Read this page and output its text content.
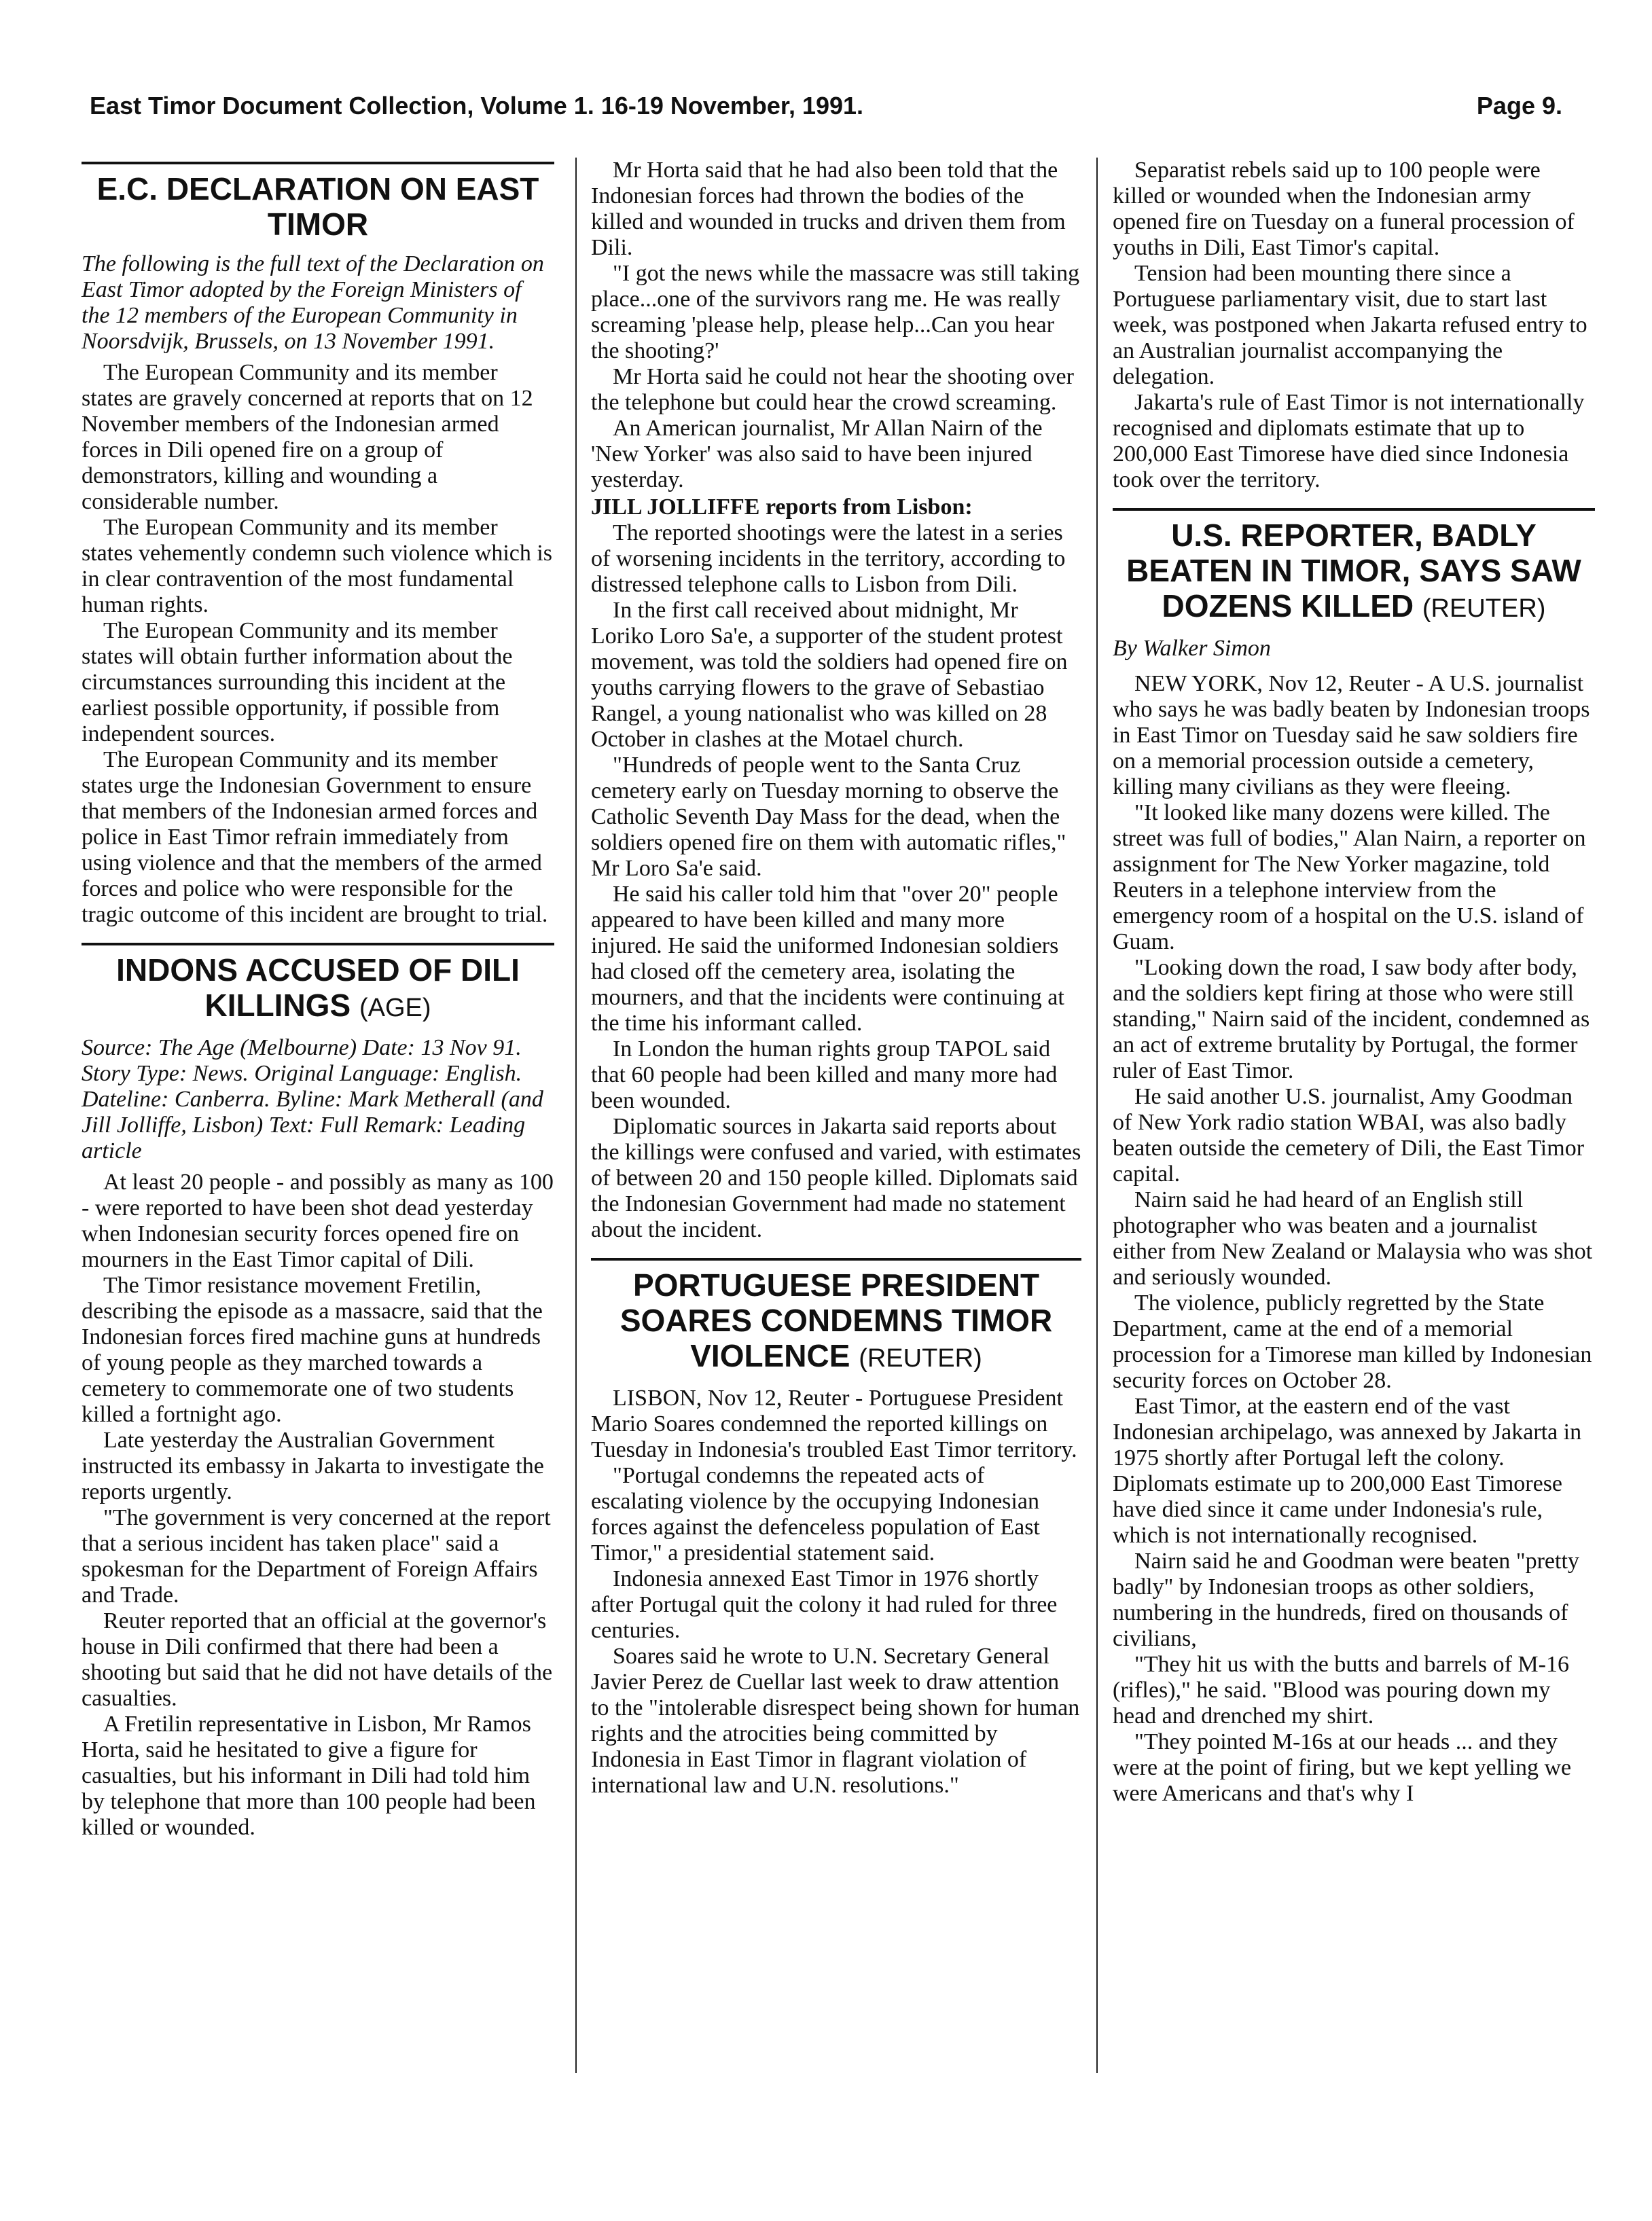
East Timor Document Collection, Volume 1. 16-19 November, 1991.	Page 9.
E.C. DECLARATION ON EAST TIMOR
The following is the full text of the Declaration on East Timor adopted by the Foreign Ministers of the 12 members of the European Community in Noorsdvijk, Brussels, on 13 November 1991.

The European Community and its member states are gravely concerned at reports that on 12 November members of the Indonesian armed forces in Dili opened fire on a group of demonstrators, killing and wounding a considerable number.

The European Community and its member states vehemently condemn such violence which is in clear contravention of the most fundamental human rights.

The European Community and its member states will obtain further information about the circumstances surrounding this incident at the earliest possible opportunity, if possible from independent sources.

The European Community and its member states urge the Indonesian Government to ensure that members of the Indonesian armed forces and police in East Timor refrain immediately from using violence and that the members of the armed forces and police who were responsible for the tragic outcome of this incident are brought to trial.

INDONS ACCUSED OF DILI KILLINGS (AGE)
Source: The Age (Melbourne) Date: 13 Nov 91. Story Type: News. Original Language: English. Dateline: Canberra. Byline: Mark Metherall (and Jill Jolliffe, Lisbon) Text: Full Remark: Leading article

At least 20 people - and possibly as many as 100 - were reported to have been shot dead yesterday when Indonesian security forces opened fire on mourners in the East Timor capital of Dili.

The Timor resistance movement Fretilin, describing the episode as a massacre, said that the Indonesian forces fired machine guns at hundreds of young people as they marched towards a cemetery to commemorate one of two students killed a fortnight ago.

Late yesterday the Australian Government instructed its embassy in Jakarta to investigate the reports urgently.

"The government is very concerned at the report that a serious incident has taken place" said a spokesman for the Department of Foreign Affairs and Trade.

Reuter reported that an official at the governor's house in Dili confirmed that there had been a shooting but said that he did not have details of the casualties.

A Fretilin representative in Lisbon, Mr Ramos Horta, said he hesitated to give a figure for casualties, but his informant in Dili had told him by telephone that more than 100 people had been killed or wounded.

Mr Horta said that he had also been told that the Indonesian forces had thrown the bodies of the killed and wounded in trucks and driven them from Dili.

"I got the news while the massacre was still taking place...one of the survivors rang me. He was really screaming 'please help, please help...Can you hear the shooting?'

Mr Horta said he could not hear the shooting over the telephone but could hear the crowd screaming.

An American journalist, Mr Allan Nairn of the 'New Yorker' was also said to have been injured yesterday.

JILL JOLLIFFE reports from Lisbon:

The reported shootings were the latest in a series of worsening incidents in the territory, according to distressed telephone calls to Lisbon from Dili.

In the first call received about midnight, Mr Loriko Loro Sa'e, a supporter of the student protest movement, was told the soldiers had opened fire on youths carrying flowers to the grave of Sebastiao Rangel, a young nationalist who was killed on 28 October in clashes at the Motael church.

"Hundreds of people went to the Santa Cruz cemetery early on Tuesday morning to observe the Catholic Seventh Day Mass for the dead, when the soldiers opened fire on them with automatic rifles," Mr Loro Sa'e said.

He said his caller told him that "over 20" people appeared to have been killed and many more injured. He said the uniformed Indonesian soldiers had closed off the cemetery area, isolating the mourners, and that the incidents were continuing at the time his informant called.

In London the human rights group TAPOL said that 60 people had been killed and many more had been wounded.

Diplomatic sources in Jakarta said reports about the killings were confused and varied, with estimates of between 20 and 150 people killed. Diplomats said the Indonesian Government had made no statement about the incident.

PORTUGUESE PRESIDENT SOARES CONDEMNS TIMOR VIOLENCE (REUTER)

LISBON, Nov 12, Reuter - Portuguese President Mario Soares condemned the reported killings on Tuesday in Indonesia's troubled East Timor territory.

"Portugal condemns the repeated acts of escalating violence by the occupying Indonesian forces against the defenceless population of East Timor," a presidential statement said.

Indonesia annexed East Timor in 1976 shortly after Portugal quit the colony it had ruled for three centuries.

Soares said he wrote to U.N. Secretary General Javier Perez de Cuellar last week to draw attention to the "intolerable disrespect being shown for human rights and the atrocities being committed by Indonesia in East Timor in flagrant violation of international law and U.N. resolutions."

Separatist rebels said up to 100 people were killed or wounded when the Indonesian army opened fire on Tuesday on a funeral procession of youths in Dili, East Timor's capital.

Tension had been mounting there since a Portuguese parliamentary visit, due to start last week, was postponed when Jakarta refused entry to an Australian journalist accompanying the delegation.

Jakarta's rule of East Timor is not internationally recognised and diplomats estimate that up to 200,000 East Timorese have died since Indonesia took over the territory.

U.S. REPORTER, BADLY BEATEN IN TIMOR, SAYS SAW DOZENS KILLED (REUTER)
By Walker Simon

NEW YORK, Nov 12, Reuter - A U.S. journalist who says he was badly beaten by Indonesian troops in East Timor on Tuesday said he saw soldiers fire on a memorial procession outside a cemetery, killing many civilians as they were fleeing.

"It looked like many dozens were killed. The street was full of bodies," Alan Nairn, a reporter on assignment for The New Yorker magazine, told Reuters in a telephone interview from the emergency room of a hospital on the U.S. island of Guam.

"Looking down the road, I saw body after body, and the soldiers kept firing at those who were still standing," Nairn said of the incident, condemned as an act of extreme brutality by Portugal, the former ruler of East Timor.

He said another U.S. journalist, Amy Goodman of New York radio station WBAI, was also badly beaten outside the cemetery of Dili, the East Timor capital.

Nairn said he had heard of an English still photographer who was beaten and a journalist either from New Zealand or Malaysia who was shot and seriously wounded.

The violence, publicly regretted by the State Department, came at the end of a memorial procession for a Timorese man killed by Indonesian security forces on October 28.

East Timor, at the eastern end of the vast Indonesian archipelago, was annexed by Jakarta in 1975 shortly after Portugal left the colony. Diplomats estimate up to 200,000 East Timorese have died since it came under Indonesia's rule, which is not internationally recognised.

Nairn said he and Goodman were beaten "pretty badly" by Indonesian troops as other soldiers, numbering in the hundreds, fired on thousands of civilians,

"They hit us with the butts and barrels of M-16 (rifles)," he said. "Blood was pouring down my head and drenched my shirt.

"They pointed M-16s at our heads ... and they were at the point of firing, but we kept yelling we were Americans and that's why I
